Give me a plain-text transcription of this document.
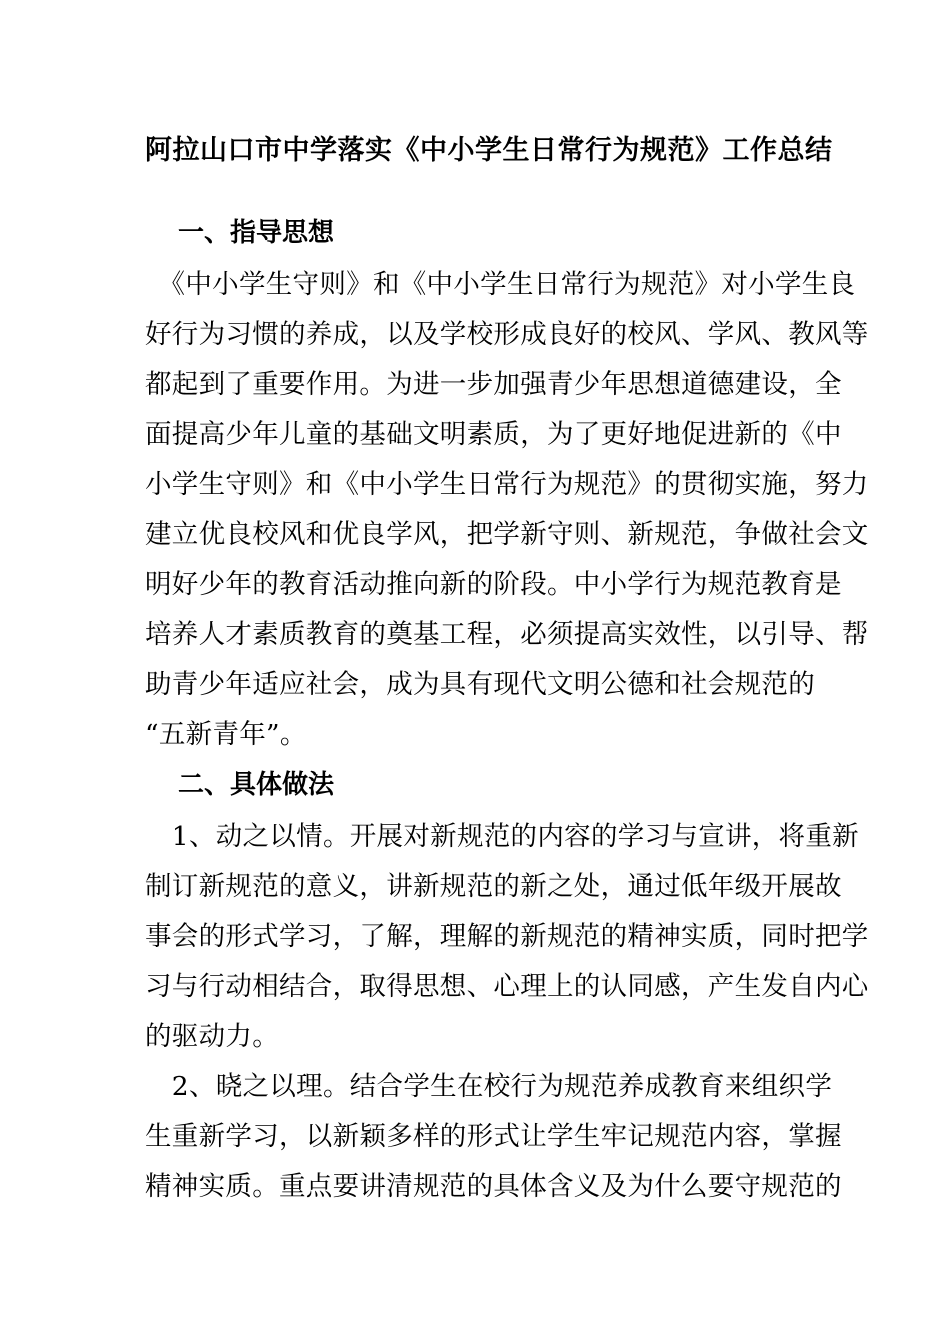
阿拉山口市中学落实《中小学生日常行为规范》工作总结
一、指导思想
　《中小学生守则》和《中小学生日常行为规范》对小学生良
好行为习惯的养成，以及学校形成良好的校风、学风、教风等
都起到了重要作用。为进一步加强青少年思想道德建设，全
面提高少年儿童的基础文明素质，为了更好地促进新的《中
小学生守则》和《中小学生日常行为规范》的贯彻实施，努力
建立优良校风和优良学风，把学新守则、新规范，争做社会文
明好少年的教育活动推向新的阶段。中小学行为规范教育是
培养人才素质教育的奠基工程，必须提高实效性，以引导、帮
助青少年适应社会，成为具有现代文明公德和社会规范的
“五新青年”。
二、具体做法
　1、动之以情。开展对新规范的内容的学习与宣讲，将重新
制订新规范的意义，讲新规范的新之处，通过低年级开展故
事会的形式学习，了解，理解的新规范的精神实质，同时把学
习与行动相结合，取得思想、心理上的认同感，产生发自内心
的驱动力。
　2、晓之以理。结合学生在校行为规范养成教育来组织学
生重新学习，以新颖多样的形式让学生牢记规范内容，掌握
精神实质。重点要讲清规范的具体含义及为什么要守规范的
